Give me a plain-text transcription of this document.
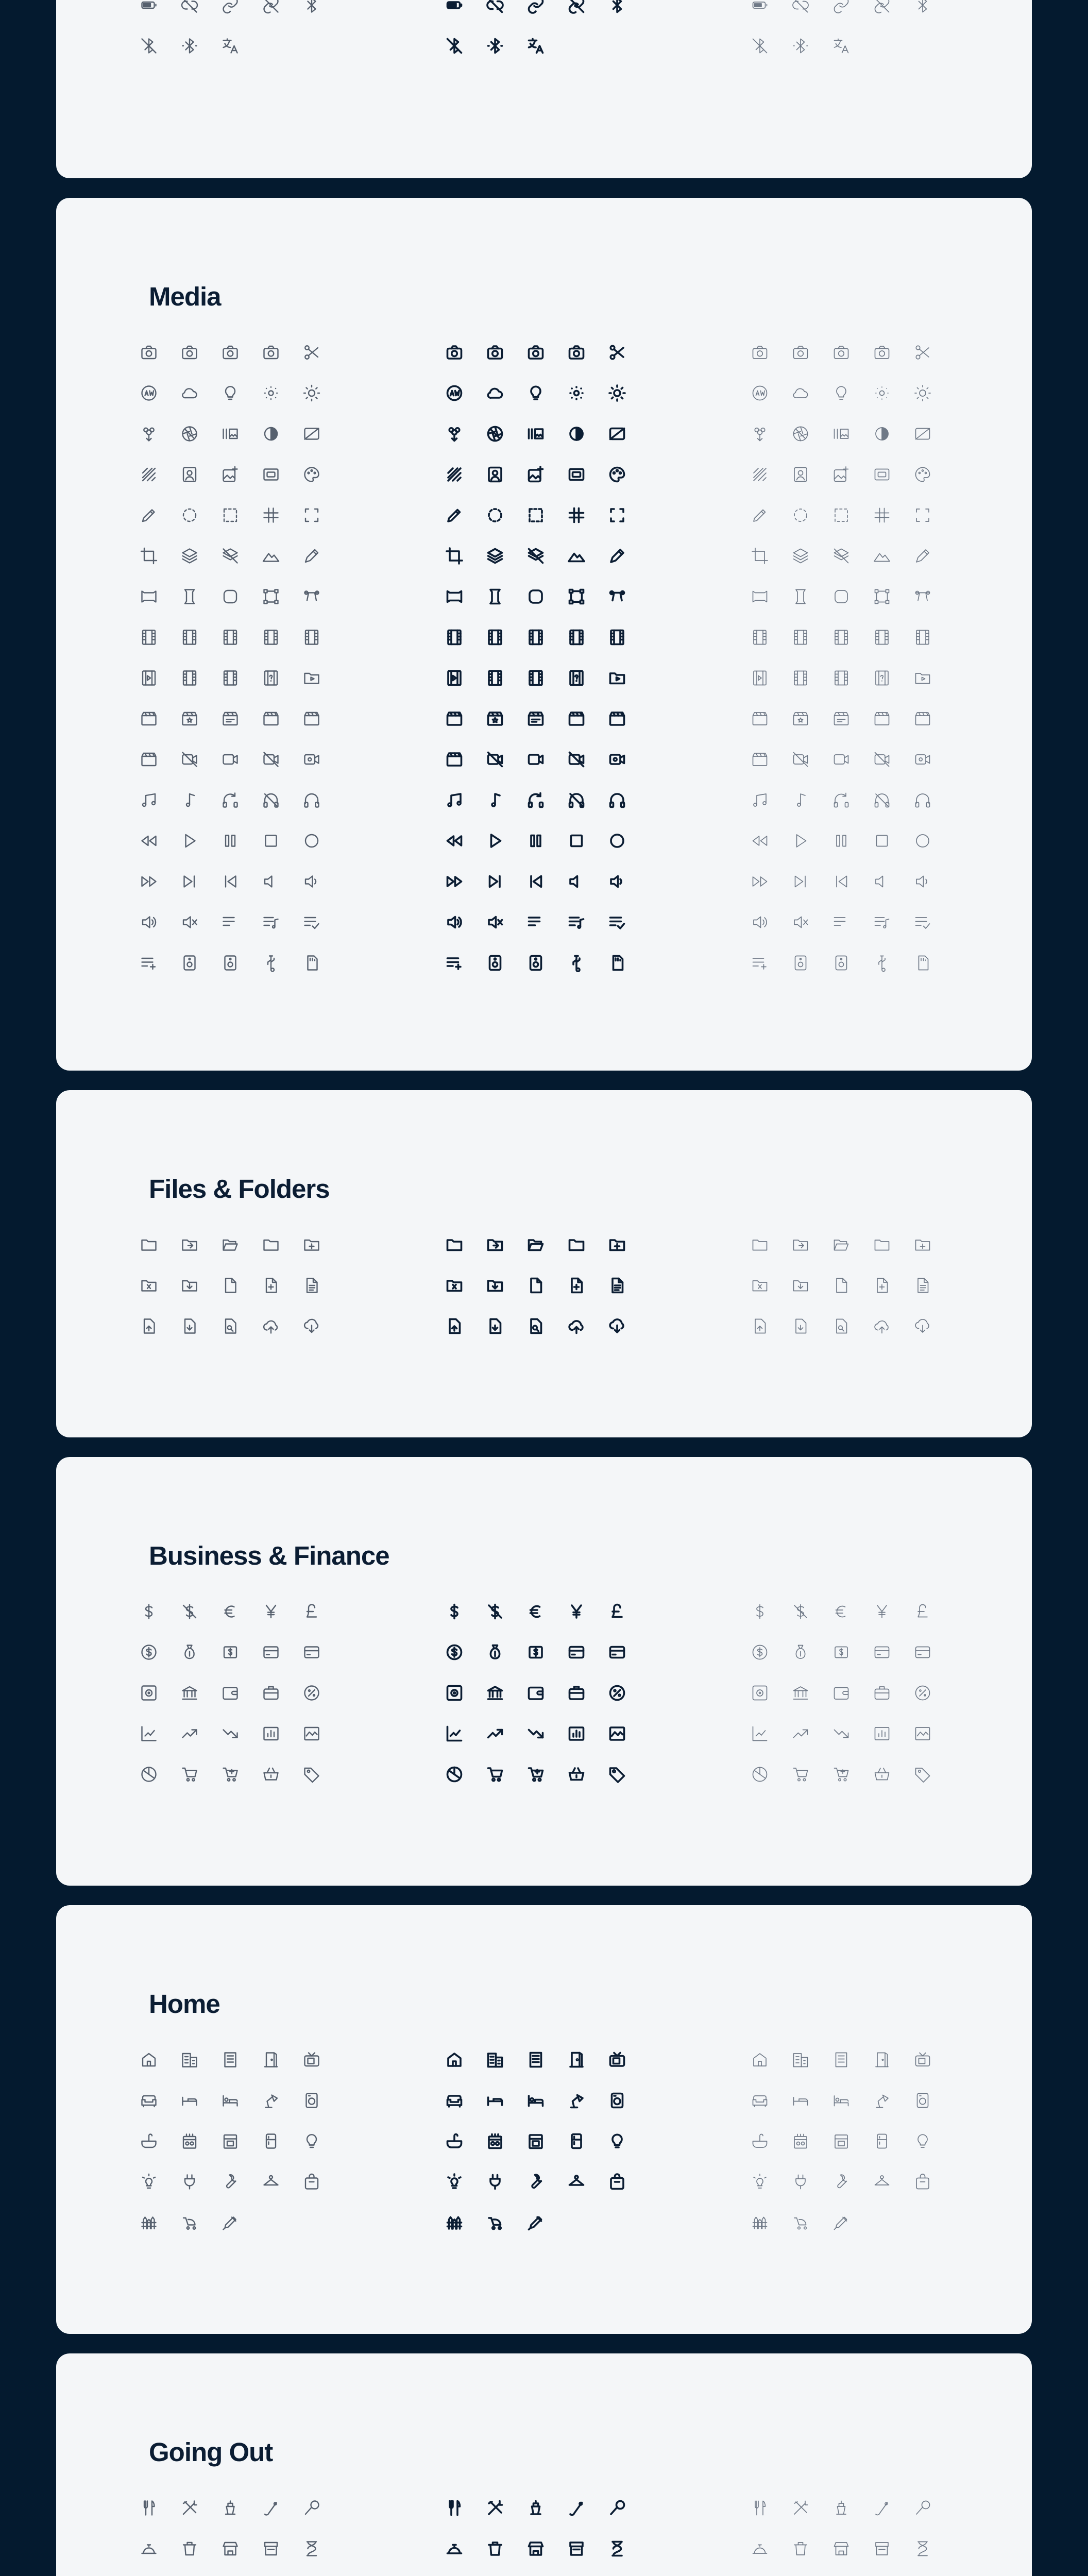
Media
Files & Folders
Business & Finance
Home
Going Out
